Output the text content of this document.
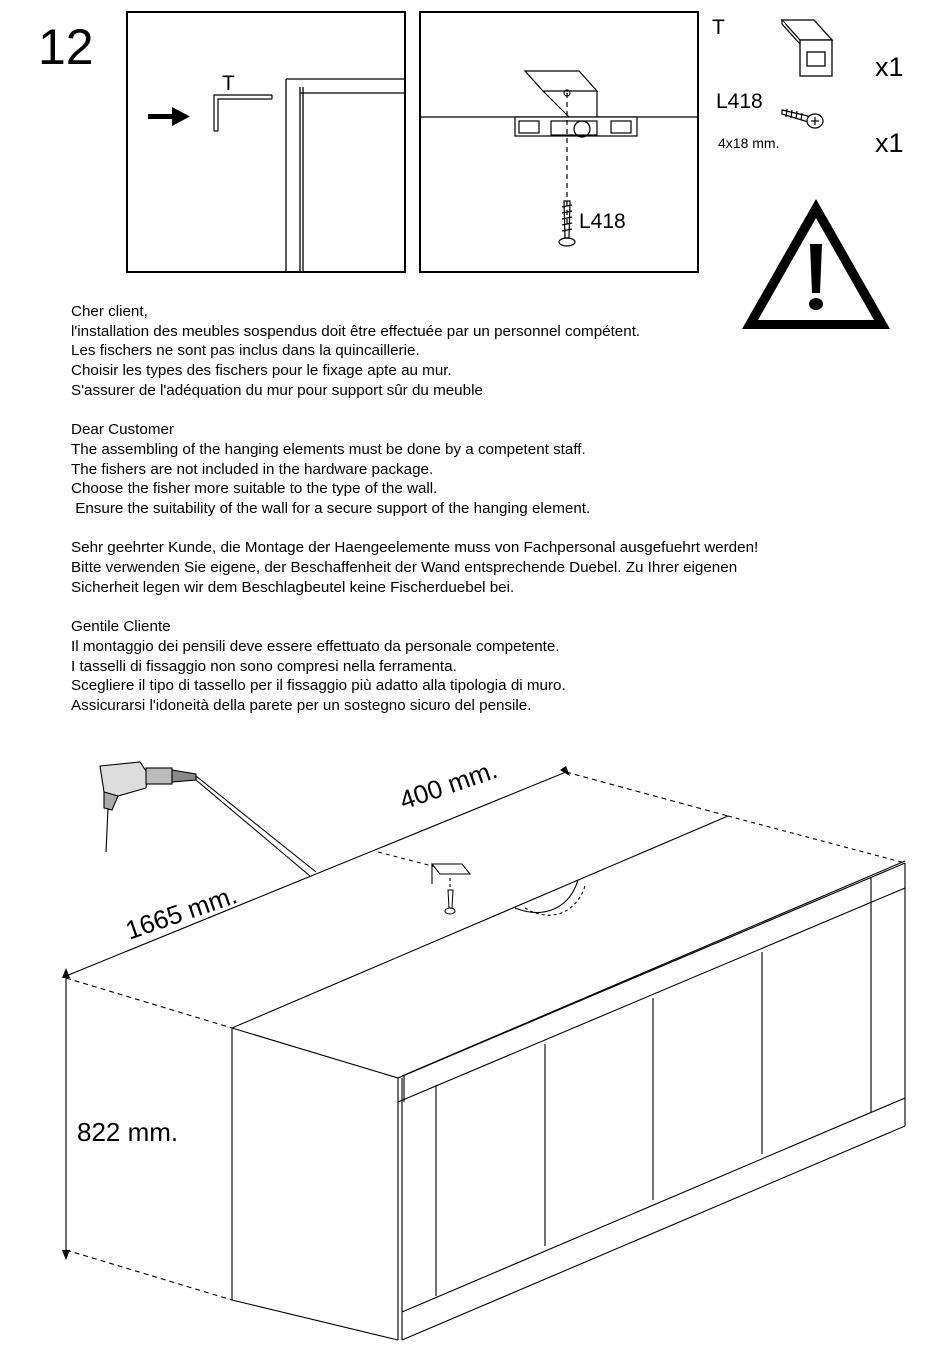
12
T
L418
T
x1
L418
4x18 mm.	x1

Cher client,
l'installation des meubles sospendus doit être effectuée par un personnel compétent.
Les fischers ne sont pas inclus dans la quincaillerie.
Choisir les types des fischers pour le fixage apte au mur.
S'assurer de l'adéquation du mur pour support sûr du meuble

Dear Customer
The assembling of the hanging elements must be done by a competent staff.
The fishers are not included in the hardware package.
Choose the fisher more suitable to the type of the wall.
Ensure the suitability of the wall for a secure support of the hanging element.

Sehr geehrter Kunde, die Montage der Haengeelemente muss von Fachpersonal ausgefuehrt werden!
Bitte verwenden Sie eigene, der Beschaffenheit der Wand entsprechende Duebel. Zu Ihrer eigenen
Sicherheit legen wir dem Beschlagbeutel keine Fischerduebel bei.

Gentile Cliente
Il montaggio dei pensili deve essere effettuato da personale competente.
I tasselli di fissaggio non sono compresi nella ferramenta.
Scegliere il tipo di tassello per il fissaggio più adatto alla tipologia di muro.
Assicurarsi l'idoneità della parete per un sostegno sicuro del pensile.

400 mm.
1665 mm.
822 mm.
